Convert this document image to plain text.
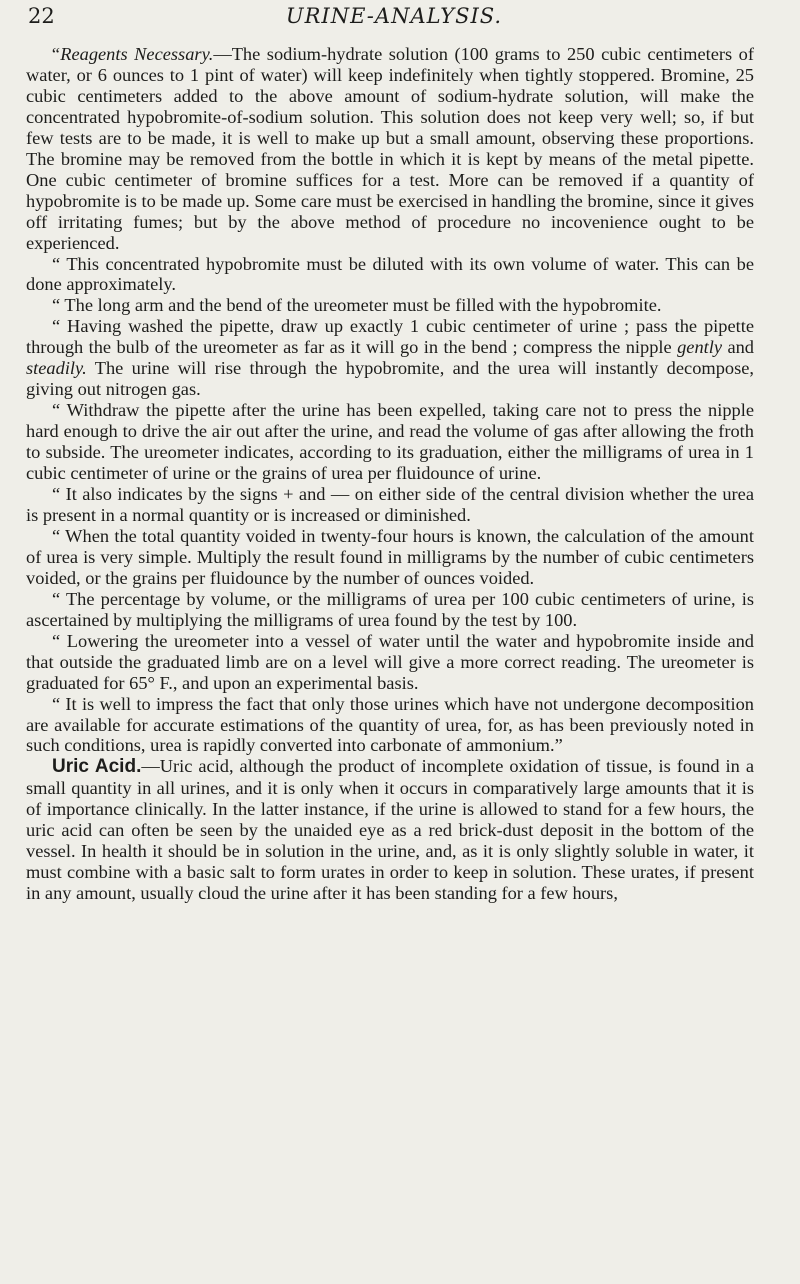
22	URINE-ANALYSIS.

“Reagents Necessary.—The sodium-hydrate solution (100 grams to 250 cubic centimeters of water, or 6 ounces to 1 pint of water) will keep indefinitely when tightly stoppered. Bromine, 25 cubic centimeters added to the above amount of sodium-hydrate solution, will make the concentrated hypobromite-of-sodium solution. This solution does not keep very well; so, if but few tests are to be made, it is well to make up but a small amount, observing these proportions. The bromine may be removed from the bottle in which it is kept by means of the metal pipette. One cubic centimeter of bromine suffices for a test. More can be removed if a quantity of hypobromite is to be made up. Some care must be exercised in handling the bromine, since it gives off irritating fumes; but by the above method of procedure no incovenience ought to be experienced.

“ This concentrated hypobromite must be diluted with its own volume of water. This can be done approximately.

“ The long arm and the bend of the ureometer must be filled with the hypobromite.

“ Having washed the pipette, draw up exactly 1 cubic centimeter of urine ; pass the pipette through the bulb of the ureometer as far as it will go in the bend ; compress the nipple gently and steadily. The urine will rise through the hypobromite, and the urea will instantly decompose, giving out nitrogen gas.

“ Withdraw the pipette after the urine has been expelled, taking care not to press the nipple hard enough to drive the air out after the urine, and read the volume of gas after allowing the froth to subside. The ureometer indicates, according to its graduation, either the milligrams of urea in 1 cubic centimeter of urine or the grains of urea per fluidounce of urine.

“ It also indicates by the signs + and — on either side of the central division whether the urea is present in a normal quantity or is increased or diminished.

“ When the total quantity voided in twenty-four hours is known, the calculation of the amount of urea is very simple. Multiply the result found in milligrams by the number of cubic centimeters voided, or the grains per fluidounce by the number of ounces voided.

“ The percentage by volume, or the milligrams of urea per 100 cubic centimeters of urine, is ascertained by multiplying the milligrams of urea found by the test by 100.

“ Lowering the ureometer into a vessel of water until the water and hypobromite inside and that outside the graduated limb are on a level will give a more correct reading. The ureometer is graduated for 65° F., and upon an experimental basis.

“ It is well to impress the fact that only those urines which have not undergone decomposition are available for accurate estimations of the quantity of urea, for, as has been previously noted in such conditions, urea is rapidly converted into carbonate of ammonium.”

Uric Acid.—Uric acid, although the product of incomplete oxidation of tissue, is found in a small quantity in all urines, and it is only when it occurs in comparatively large amounts that it is of importance clinically. In the latter instance, if the urine is allowed to stand for a few hours, the uric acid can often be seen by the unaided eye as a red brick-dust deposit in the bottom of the vessel. In health it should be in solution in the urine, and, as it is only slightly soluble in water, it must combine with a basic salt to form urates in order to keep in solution. These urates, if present in any amount, usually cloud the urine after it has been standing for a few hours,
